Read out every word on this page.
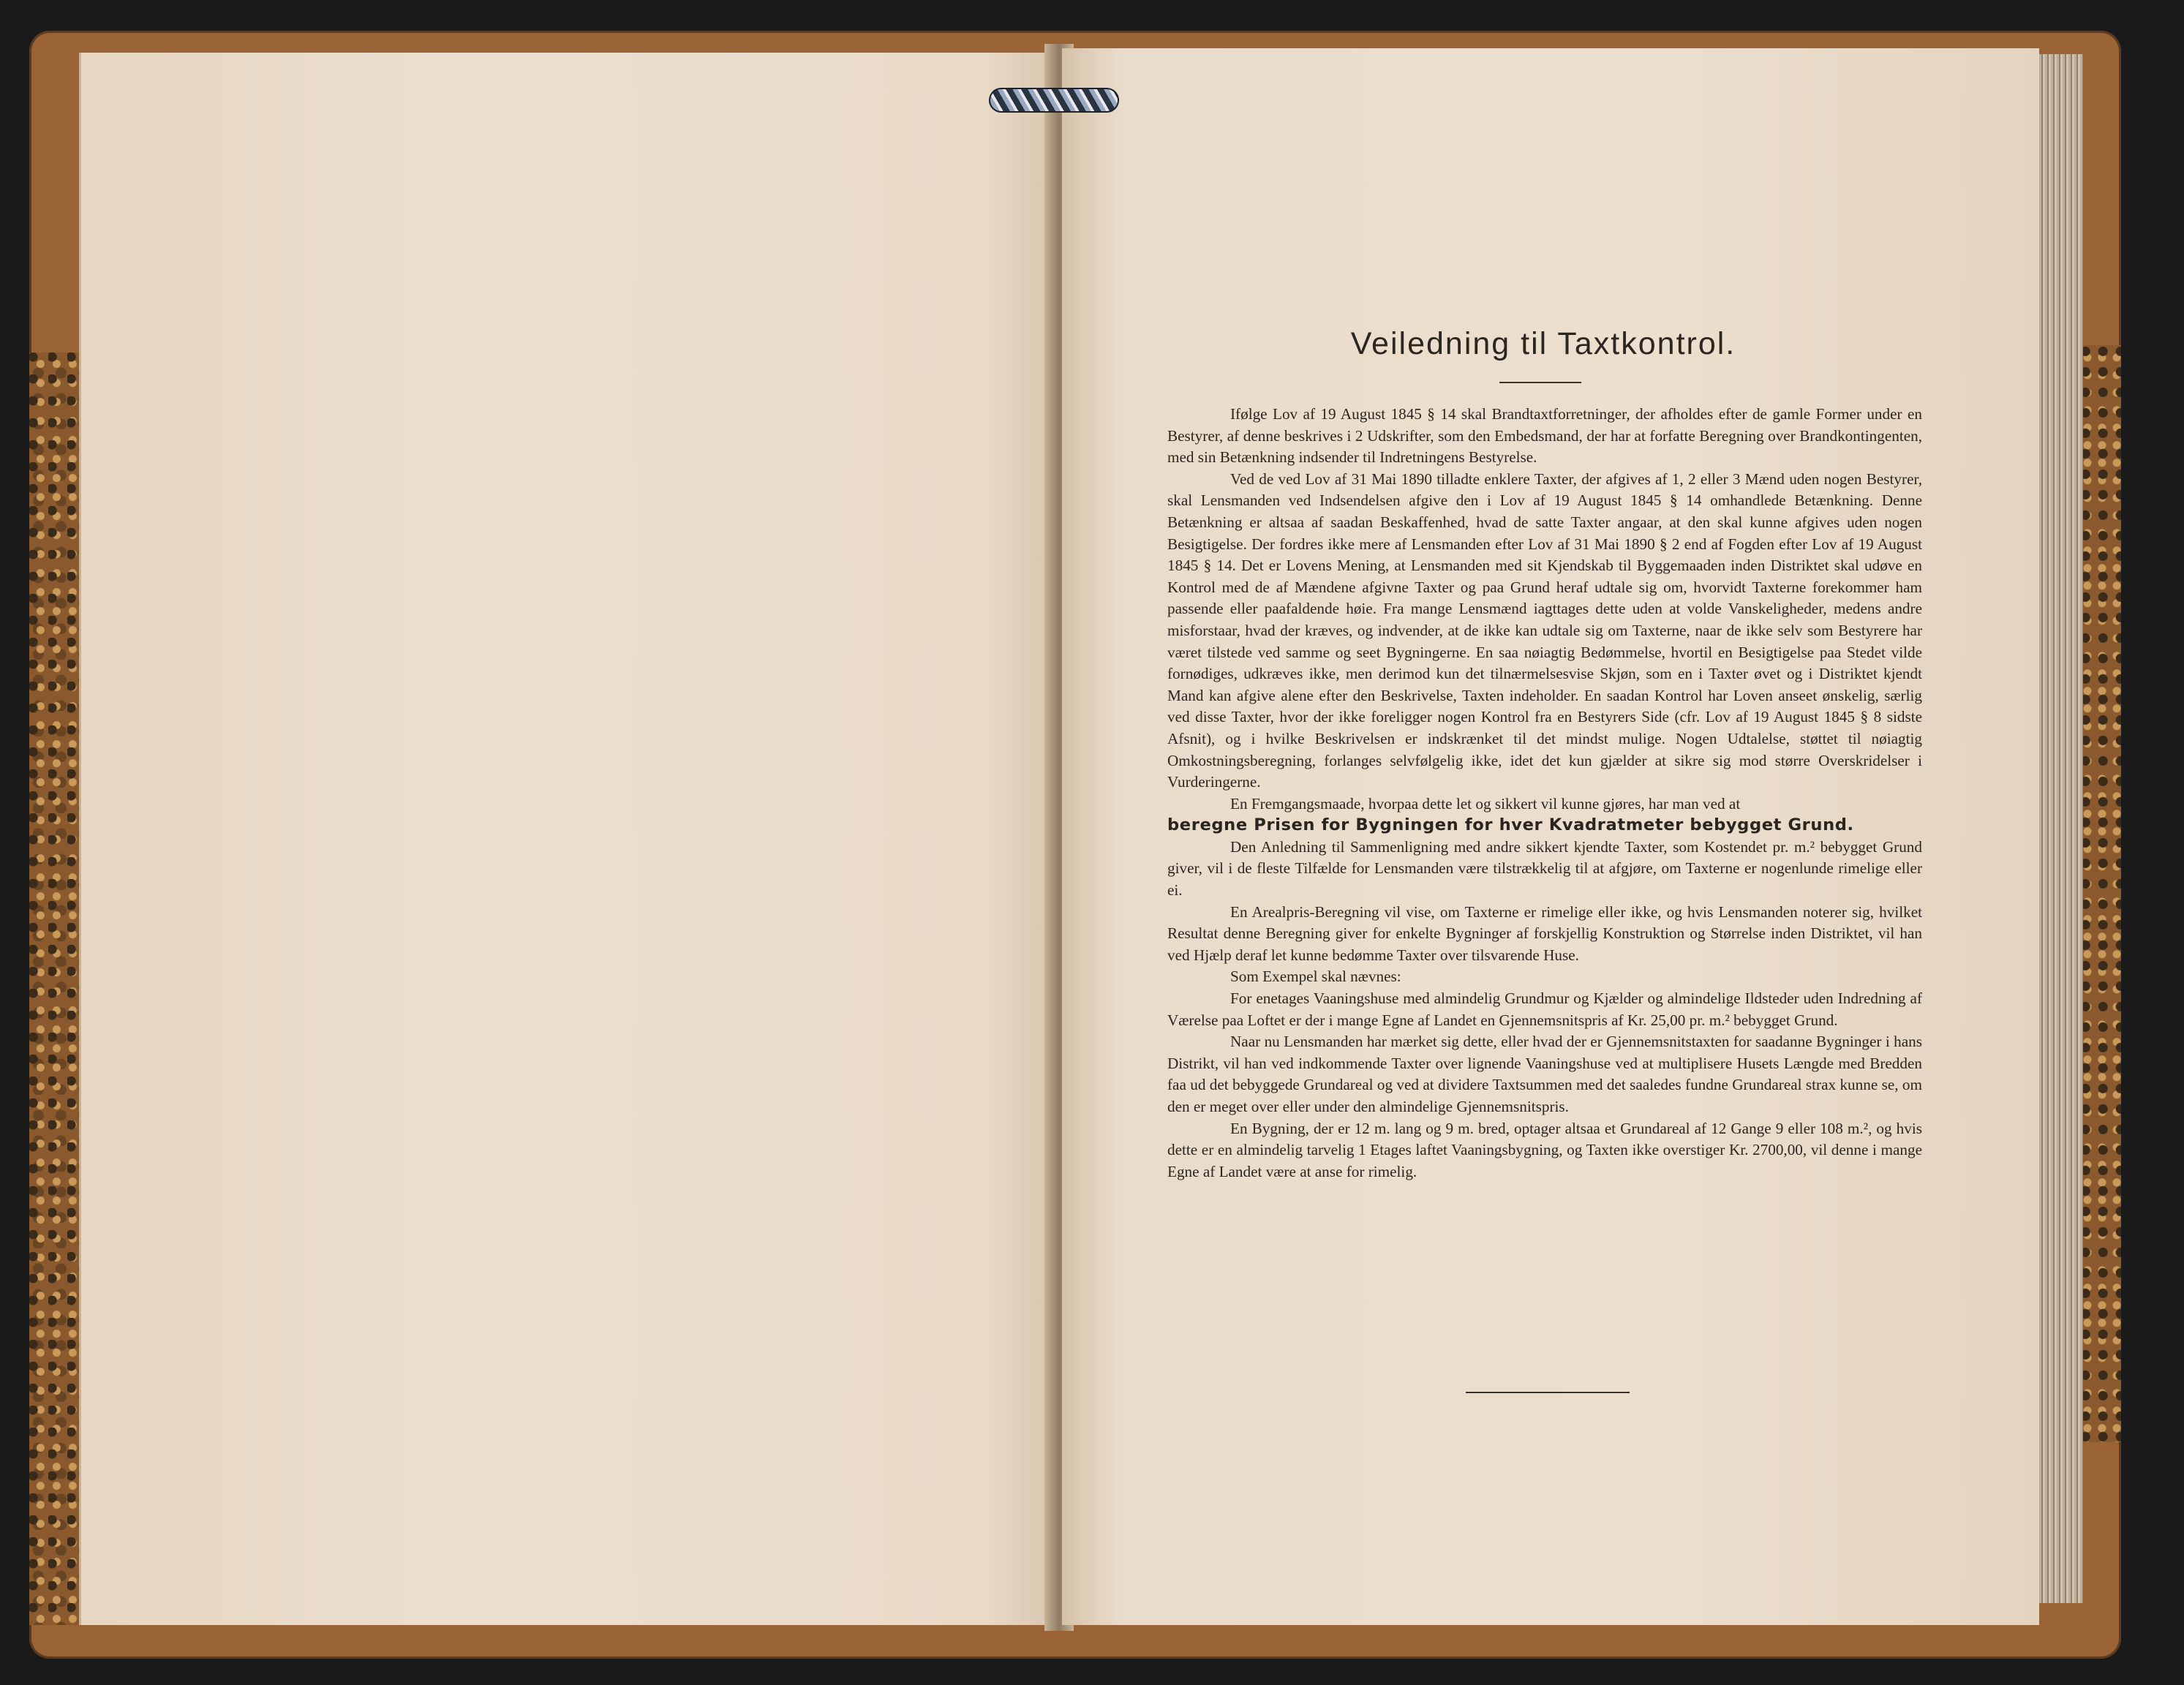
Veiledning til Taxtkontrol.

Ifølge Lov af 19 August 1845 § 14 skal Brandtaxtforretninger, der afholdes efter de gamle Former under en Bestyrer, af denne beskrives i 2 Udskrifter, som den Embedsmand, der har at forfatte Beregning over Brandkontingenten, med sin Betænkning indsender til Indretningens Bestyrelse.

Ved de ved Lov af 31 Mai 1890 tilladte enklere Taxter, der afgives af 1, 2 eller 3 Mænd uden nogen Bestyrer, skal Lensmanden ved Indsendelsen afgive den i Lov af 19 August 1845 § 14 omhandlede Betænkning. Denne Betænkning er altsaa af saadan Beskaffenhed, hvad de satte Taxter angaar, at den skal kunne afgives uden nogen Besigtigelse. Der fordres ikke mere af Lensmanden efter Lov af 31 Mai 1890 § 2 end af Fogden efter Lov af 19 August 1845 § 14. Det er Lovens Mening, at Lensmanden med sit Kjendskab til Byggemaaden inden Distriktet skal udøve en Kontrol med de af Mændene afgivne Taxter og paa Grund heraf udtale sig om, hvorvidt Taxterne forekommer ham passende eller paafaldende høie. Fra mange Lensmænd iagttages dette uden at volde Vanskeligheder, medens andre misforstaar, hvad der kræves, og indvender, at de ikke kan udtale sig om Taxterne, naar de ikke selv som Bestyrere har været tilstede ved samme og seet Bygningerne. En saa nøiagtig Bedømmelse, hvortil en Besigtigelse paa Stedet vilde fornødiges, udkræves ikke, men derimod kun det tilnærmelsesvise Skjøn, som en i Taxter øvet og i Distriktet kjendt Mand kan afgive alene efter den Beskrivelse, Taxten indeholder. En saadan Kontrol har Loven anseet ønskelig, særlig ved disse Taxter, hvor der ikke foreligger nogen Kontrol fra en Bestyrers Side (cfr. Lov af 19 August 1845 § 8 sidste Afsnit), og i hvilke Beskrivelsen er indskrænket til det mindst mulige. Nogen Udtalelse, støttet til nøiagtig Omkostningsberegning, forlanges selvfølgelig ikke, idet det kun gjælder at sikre sig mod større Overskridelser i Vurderingerne.

En Fremgangsmaade, hvorpaa dette let og sikkert vil kunne gjøres, har man ved at

beregne Prisen for Bygningen for hver Kvadratmeter bebygget Grund.

Den Anledning til Sammenligning med andre sikkert kjendte Taxter, som Kostendet pr. m.² bebygget Grund giver, vil i de fleste Tilfælde for Lensmanden være tilstrækkelig til at afgjøre, om Taxterne er nogenlunde rimelige eller ei.

En Arealpris-Beregning vil vise, om Taxterne er rimelige eller ikke, og hvis Lensmanden noterer sig, hvilket Resultat denne Beregning giver for enkelte Bygninger af forskjellig Konstruktion og Størrelse inden Distriktet, vil han ved Hjælp deraf let kunne bedømme Taxter over tilsvarende Huse.

Som Exempel skal nævnes:

For enetages Vaaningshuse med almindelig Grundmur og Kjælder og almindelige Ildsteder uden Indredning af Værelse paa Loftet er der i mange Egne af Landet en Gjennemsnitspris af Kr. 25,00 pr. m.² bebygget Grund.

Naar nu Lensmanden har mærket sig dette, eller hvad der er Gjennemsnitstaxten for saadanne Bygninger i hans Distrikt, vil han ved indkommende Taxter over lignende Vaaningshuse ved at multiplisere Husets Længde med Bredden faa ud det bebyggede Grundareal og ved at dividere Taxtsummen med det saaledes fundne Grundareal strax kunne se, om den er meget over eller under den almindelige Gjennemsnitspris.

En Bygning, der er 12 m. lang og 9 m. bred, optager altsaa et Grundareal af 12 Gange 9 eller 108 m.², og hvis dette er en almindelig tarvelig 1 Etages laftet Vaaningsbygning, og Taxten ikke overstiger Kr. 2700,00, vil denne i mange Egne af Landet være at anse for rimelig.
